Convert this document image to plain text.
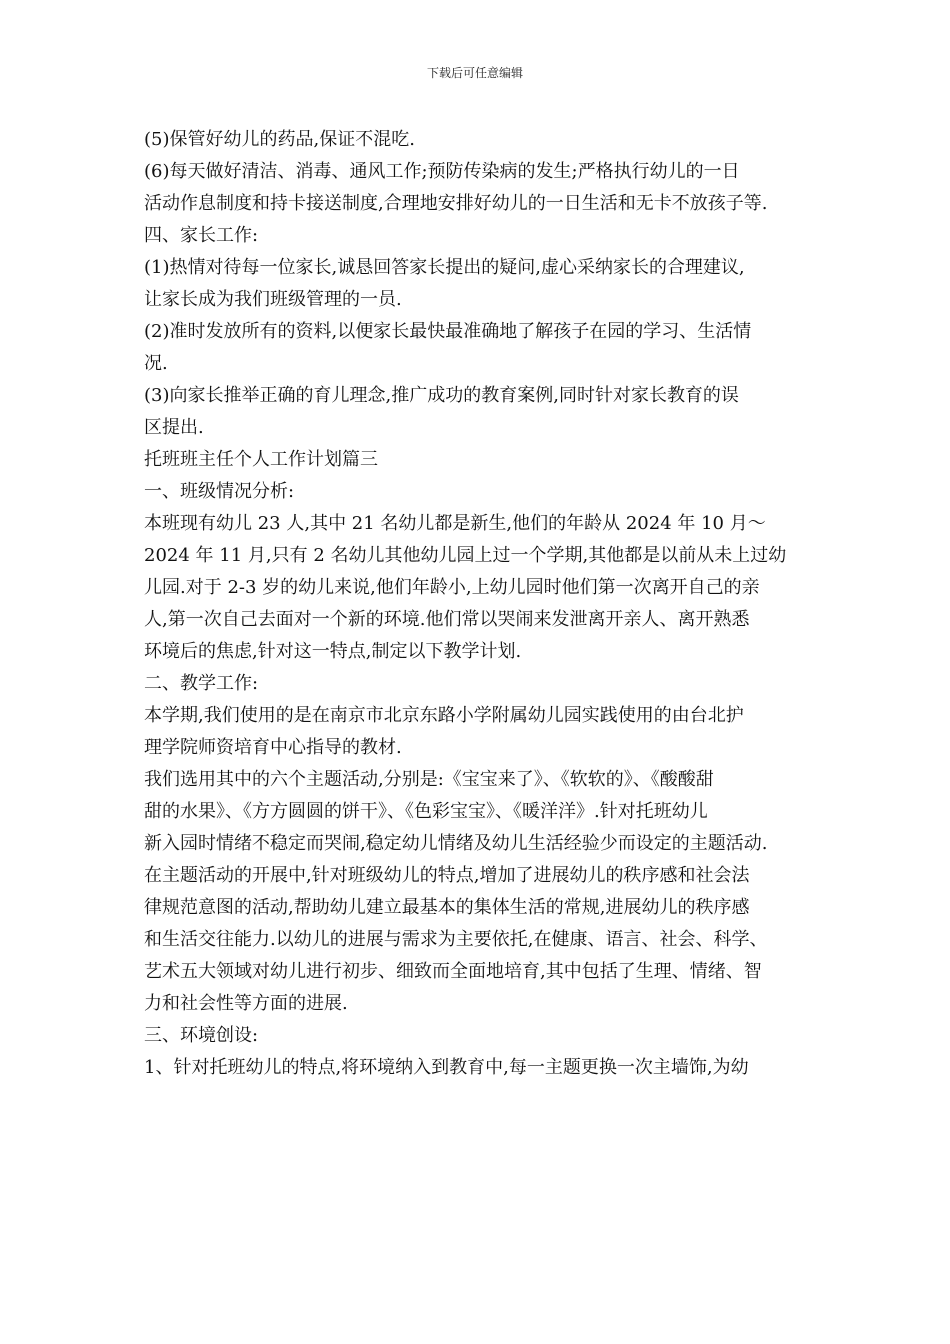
下载后可任意编辑
(5)保管好幼儿的药品,保证不混吃.
(6)每天做好清洁、消毒、通风工作;预防传染病的发生;严格执行幼儿的一日
活动作息制度和持卡接送制度,合理地安排好幼儿的一日生活和无卡不放孩子等.
四、家长工作:
(1)热情对待每一位家长,诚恳回答家长提出的疑问,虚心采纳家长的合理建议,
让家长成为我们班级管理的一员.
(2)准时发放所有的资料,以便家长最快最准确地了解孩子在园的学习、生活情
况.
(3)向家长推举正确的育儿理念,推广成功的教育案例,同时针对家长教育的误
区提出.
托班班主任个人工作计划篇三
一、班级情况分析:
本班现有幼儿 23 人,其中 21 名幼儿都是新生,他们的年龄从 2024 年 10 月～
2024 年 11 月,只有 2 名幼儿其他幼儿园上过一个学期,其他都是以前从未上过幼
儿园.对于 2-3 岁的幼儿来说,他们年龄小,上幼儿园时他们第一次离开自己的亲
人,第一次自己去面对一个新的环境.他们常以哭闹来发泄离开亲人、离开熟悉
环境后的焦虑,针对这一特点,制定以下教学计划.
二、教学工作:
本学期,我们使用的是在南京市北京东路小学附属幼儿园实践使用的由台北护
理学院师资培育中心指导的教材.
我们选用其中的六个主题活动,分别是:《宝宝来了》、《软软的》、《酸酸甜
甜的水果》、《方方圆圆的饼干》、《色彩宝宝》、《暖洋洋》.针对托班幼儿
新入园时情绪不稳定而哭闹,稳定幼儿情绪及幼儿生活经验少而设定的主题活动.
在主题活动的开展中,针对班级幼儿的特点,增加了进展幼儿的秩序感和社会法
律规范意图的活动,帮助幼儿建立最基本的集体生活的常规,进展幼儿的秩序感
和生活交往能力.以幼儿的进展与需求为主要依托,在健康、语言、社会、科学、
艺术五大领域对幼儿进行初步、细致而全面地培育,其中包括了生理、情绪、智
力和社会性等方面的进展.
三、环境创设:
1、针对托班幼儿的特点,将环境纳入到教育中,每一主题更换一次主墙饰,为幼
